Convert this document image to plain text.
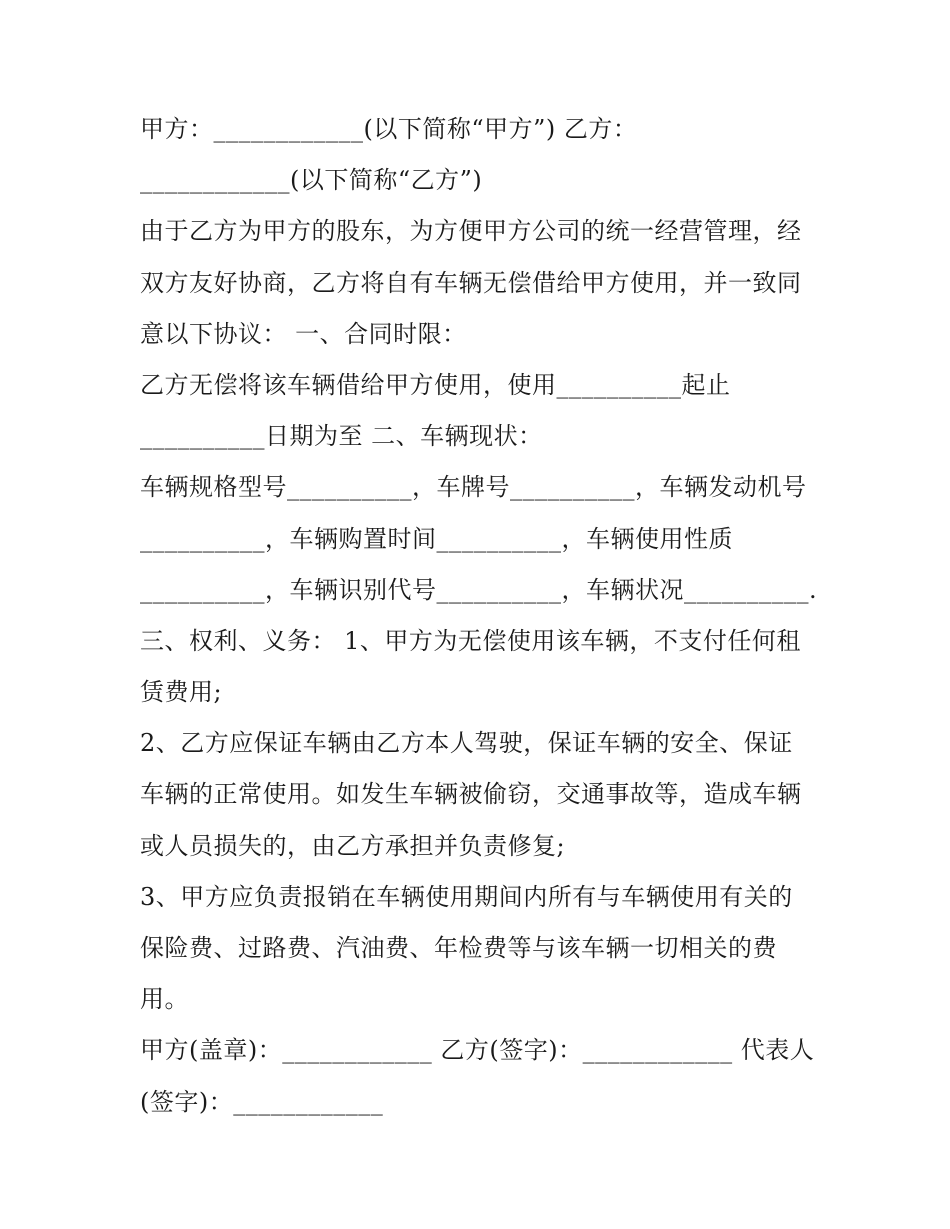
甲方：____________(以下简称“甲方”) 乙方：
____________(以下简称“乙方”)
由于乙方为甲方的股东，为方便甲方公司的统一经营管理，经
双方友好协商，乙方将自有车辆无偿借给甲方使用，并一致同
意以下协议： 一、合同时限：
乙方无偿将该车辆借给甲方使用，使用__________起止
__________日期为至 二、车辆现状：
车辆规格型号__________，车牌号__________，车辆发动机号
__________，车辆购置时间__________，车辆使用性质
__________，车辆识别代号__________，车辆状况__________.
三、权利、义务： 1、甲方为无偿使用该车辆，不支付任何租
赁费用;
2、乙方应保证车辆由乙方本人驾驶，保证车辆的安全、保证
车辆的正常使用。如发生车辆被偷窃，交通事故等，造成车辆
或人员损失的，由乙方承担并负责修复;
3、甲方应负责报销在车辆使用期间内所有与车辆使用有关的
保险费、过路费、汽油费、年检费等与该车辆一切相关的费
用。
甲方(盖章)：____________ 乙方(签字)：____________ 代表人
(签字)：____________
